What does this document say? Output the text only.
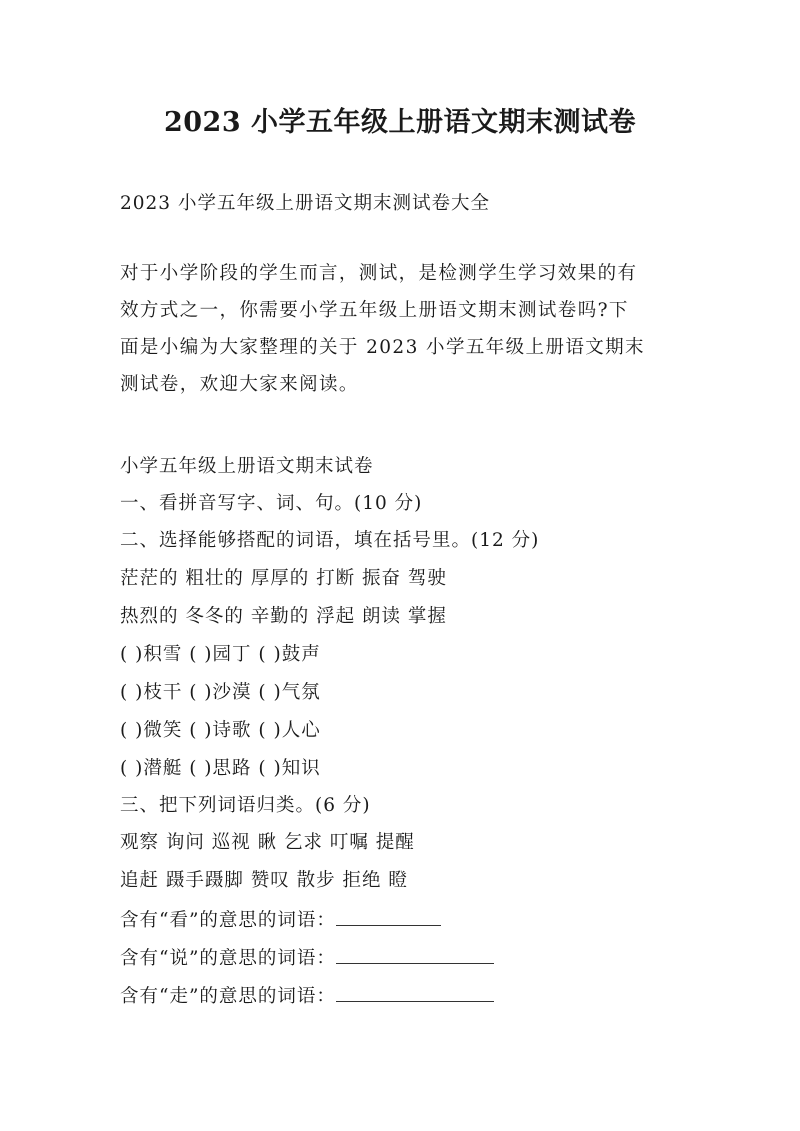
2023 小学五年级上册语文期末测试卷
2023 小学五年级上册语文期末测试卷大全
对于小学阶段的学生而言，测试，是检测学生学习效果的有
效方式之一，你需要小学五年级上册语文期末测试卷吗?下
面是小编为大家整理的关于 2023 小学五年级上册语文期末
测试卷，欢迎大家来阅读。
小学五年级上册语文期末试卷
一、看拼音写字、词、句。(10 分)
二、选择能够搭配的词语，填在括号里。(12 分)
茫茫的 粗壮的 厚厚的 打断 振奋 驾驶
热烈的 冬冬的 辛勤的 浮起 朗读 掌握
( )积雪 ( )园丁 ( )鼓声
( )枝干 ( )沙漠 ( )气氛
( )微笑 ( )诗歌 ( )人心
( )潜艇 ( )思路 ( )知识
三、把下列词语归类。(6 分)
观察 询问 巡视 瞅 乞求 叮嘱 提醒
追赶 蹑手蹑脚 赞叹 散步 拒绝 瞪
含有“看”的意思的词语：
含有“说”的意思的词语：
含有“走”的意思的词语：
